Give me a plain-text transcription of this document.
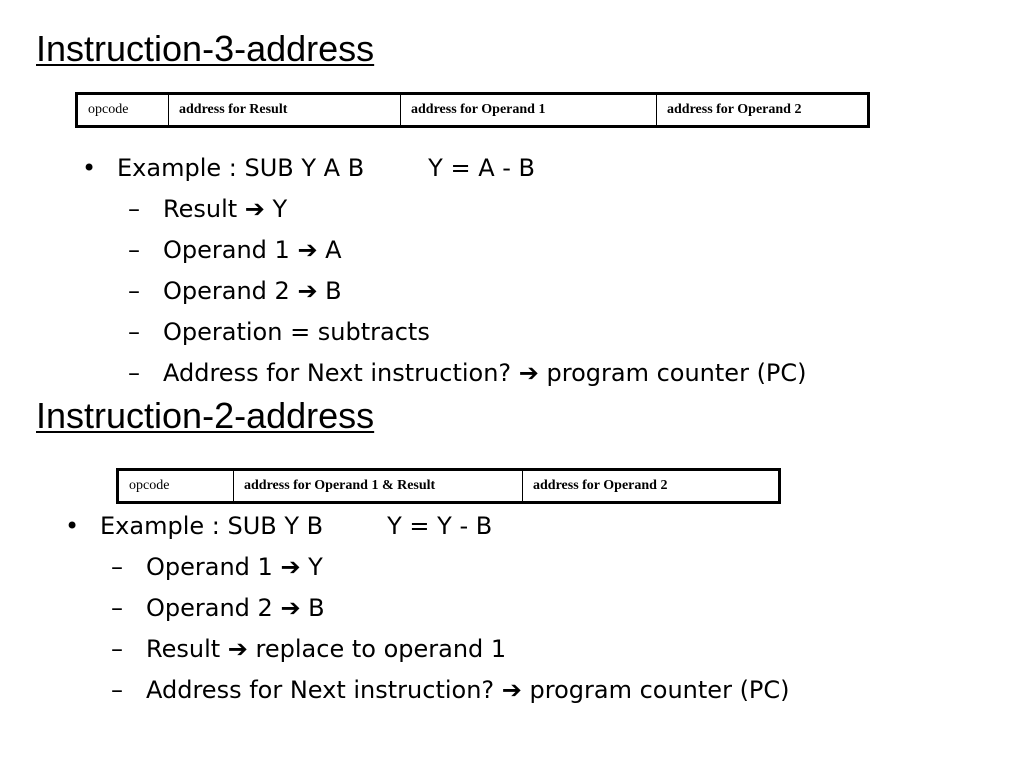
Instruction-3-address
opcode	address for Result	address for Operand 1	address for Operand 2
• Example : SUB Y A B	Y = A - B
– Result ➔ Y
– Operand 1 ➔ A
– Operand 2 ➔ B
– Operation = subtracts
– Address for Next instruction? ➔ program counter (PC)
Instruction-2-address
opcode	address for Operand 1 & Result	address for Operand 2
• Example : SUB Y B	Y = Y - B
– Operand 1 ➔ Y
– Operand 2 ➔ B
– Result ➔ replace to operand 1
– Address for Next instruction? ➔ program counter (PC)
